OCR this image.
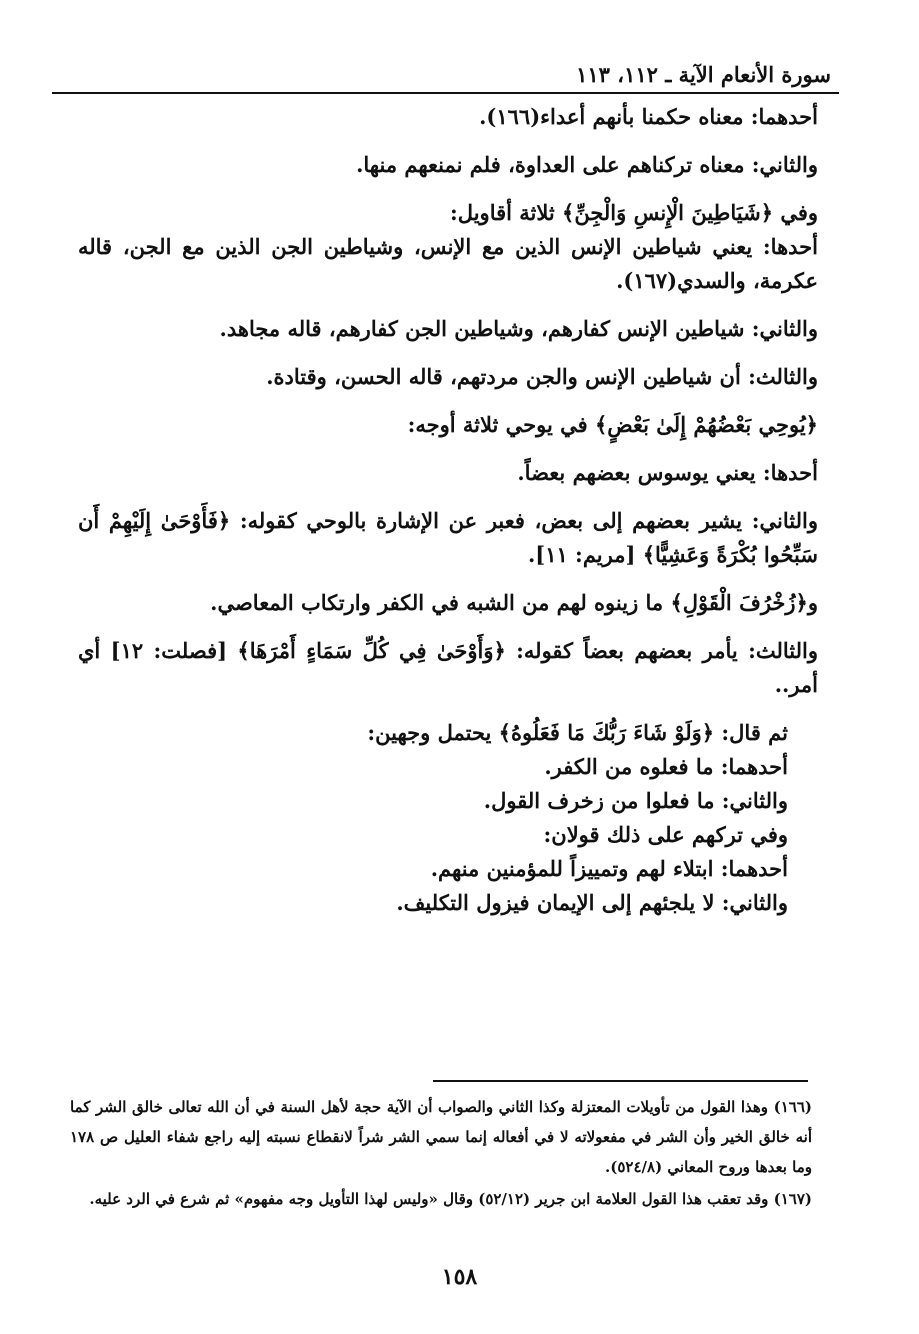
سورة الأنعام الآية ـ ١١٢، ١١٣

أحدهما: معناه حكمنا بأنهم أعداء(١٦٦).

والثاني: معناه تركناهم على العداوة، فلم نمنعهم منها.

وفي ﴿شَيَاطِينَ الْإِنسِ وَالْجِنِّ﴾ ثلاثة أقاويل:

أحدها: يعني شياطين الإنس الذين مع الإنس، وشياطين الجن الذين مع الجن، قاله عكرمة، والسدي(١٦٧).

والثاني: شياطين الإنس كفارهم، وشياطين الجن كفارهم، قاله مجاهد.

والثالث: أن شياطين الإنس والجن مردتهم، قاله الحسن، وقتادة.

﴿يُوحِي بَعْضُهُمْ إِلَىٰ بَعْضٍ﴾ في يوحي ثلاثة أوجه:

أحدها: يعني يوسوس بعضهم بعضاً.

والثاني: يشير بعضهم إلى بعض، فعبر عن الإشارة بالوحي كقوله: ﴿فَأَوْحَىٰ إِلَيْهِمْ أَن سَبِّحُوا بُكْرَةً وَعَشِيًّا﴾ [مريم: ١١].

و﴿زُخْرُفَ الْقَوْلِ﴾ ما زينوه لهم من الشبه في الكفر وارتكاب المعاصي.

والثالث: يأمر بعضهم بعضاً كقوله: ﴿وَأَوْحَىٰ فِي كُلِّ سَمَاءٍ أَمْرَهَا﴾ [فصلت: ١٢] أي أمر..

ثم قال: ﴿وَلَوْ شَاءَ رَبُّكَ مَا فَعَلُوهُ﴾ يحتمل وجهين:

أحدهما: ما فعلوه من الكفر.

والثاني: ما فعلوا من زخرف القول.

وفي تركهم على ذلك قولان:

أحدهما: ابتلاء لهم وتمييزاً للمؤمنين منهم.

والثاني: لا يلجئهم إلى الإيمان فيزول التكليف.

(١٦٦) وهذا القول من تأويلات المعتزلة وكذا الثاني والصواب أن الآية حجة لأهل السنة في أن الله تعالى خالق الشر كما أنه خالق الخير وأن الشر في مفعولاته لا في أفعاله إنما سمي الشر شراً لانقطاع نسبته إليه راجع شفاء العليل ص ١٧٨ وما بعدها وروح المعاني (٥٢٤/٨).

(١٦٧) وقد تعقب هذا القول العلامة ابن جرير (٥٢/١٢) وقال «وليس لهذا التأويل وجه مفهوم» ثم شرع في الرد عليه.

١٥٨
